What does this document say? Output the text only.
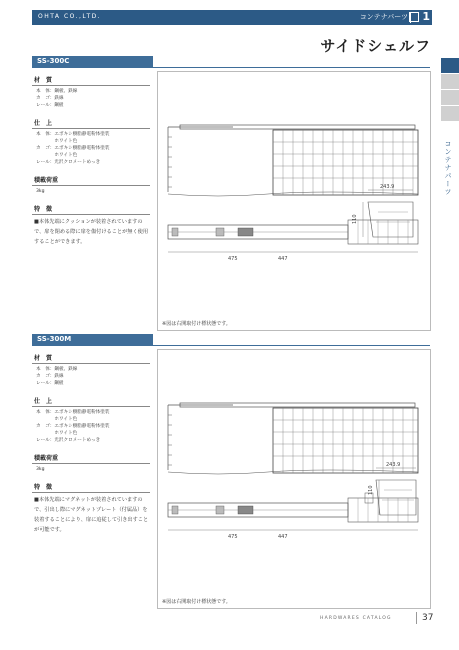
OHTA CO.,LTD.	コンテナパーツ	1
サイドシェルフ
コンテナパーツ
SS-300C
材　質
本　体：鋼板、鉄線
カ　ゴ：鉄線
レール：鋼板
仕　上
本　体：エポキシ樹脂静電粉体塗装
　　　　ホワイト色
カ　ゴ：エポキシ樹脂静電粉体塗装
　　　　ホワイト色
レール：光沢クロメートめっき
積載荷重
3kg
特　徴
■本体先端にクッションが装着されていますので、扉を閉める際に扉を傷付けることが無く使用することができます。
475	447
243.9
110
※図は右開取付け標状態です。
SS-300M
材　質
本　体：鋼板、鉄線
カ　ゴ：鉄線
レール：鋼板
仕　上
本　体：エポキシ樹脂静電粉体塗装
　　　　ホワイト色
カ　ゴ：エポキシ樹脂静電粉体塗装
　　　　ホワイト色
レール：光沢クロメートめっき
積載荷重
3kg
特　徴
■本体先端にマグネットが装着されていますので、引出し際にマグネットプレート（付属品）を装着することにより、扉に追従して引き出すことが可能です。
475	447
243.9
110
※図は右開取付け標状態です。
HARDWARES CATALOG	37
